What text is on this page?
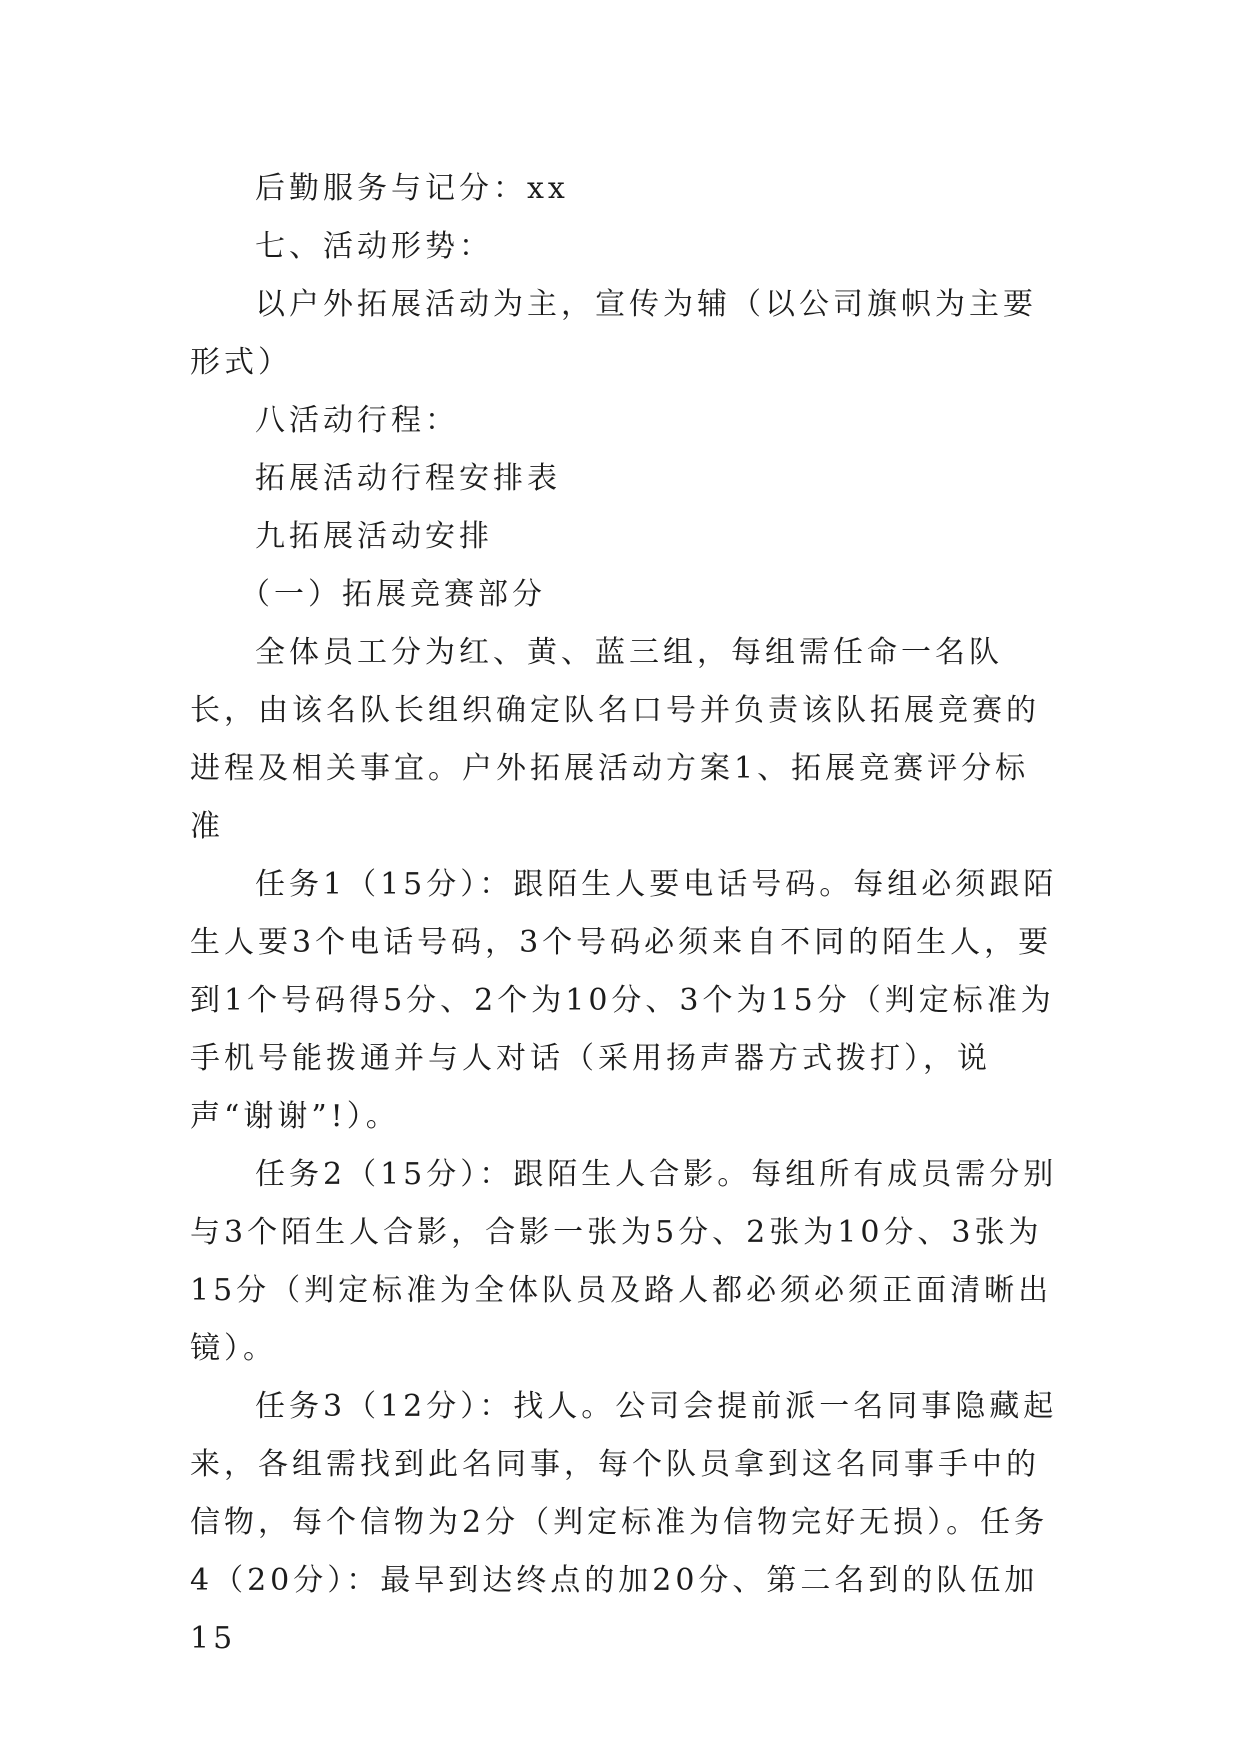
后勤服务与记分：xx

七、活动形势：

以户外拓展活动为主，宣传为辅（以公司旗帜为主要形式）

八活动行程：

拓展活动行程安排表

九拓展活动安排

（一）拓展竞赛部分

全体员工分为红、黄、蓝三组，每组需任命一名队长，由该名队长组织确定队名口号并负责该队拓展竞赛的进程及相关事宜。户外拓展活动方案1、拓展竞赛评分标准

任务1（15分）：跟陌生人要电话号码。每组必须跟陌生人要3个电话号码，3个号码必须来自不同的陌生人，要到1个号码得5分、2个为10分、3个为15分（判定标准为手机号能拨通并与人对话（采用扬声器方式拨打），说声“谢谢”!）。

任务2（15分）：跟陌生人合影。每组所有成员需分别与3个陌生人合影，合影一张为5分、2张为10分、3张为15分（判定标准为全体队员及路人都必须必须正面清晰出镜）。

任务3（12分）：找人。公司会提前派一名同事隐藏起来，各组需找到此名同事，每个队员拿到这名同事手中的信物，每个信物为2分（判定标准为信物完好无损）。任务4（20分）：最早到达终点的加20分、第二名到的队伍加15
